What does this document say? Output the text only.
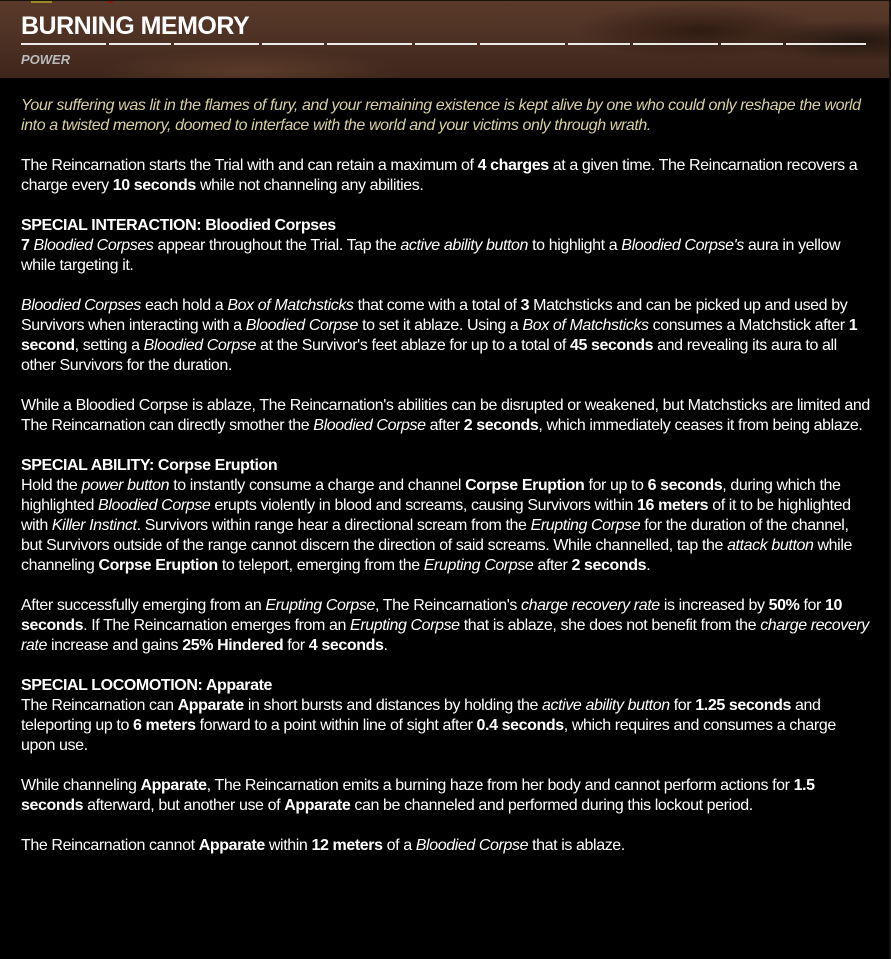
BURNING MEMORY
POWER

Your suffering was lit in the flames of fury, and your remaining existence is kept alive by one who could only reshape the world into a twisted memory, doomed to interface with the world and your victims only through wrath.

The Reincarnation starts the Trial with and can retain a maximum of 4 charges at a given time. The Reincarnation recovers a charge every 10 seconds while not channeling any abilities.

SPECIAL INTERACTION: Bloodied Corpses
7 Bloodied Corpses appear throughout the Trial. Tap the active ability button to highlight a Bloodied Corpse's aura in yellow while targeting it.

Bloodied Corpses each hold a Box of Matchsticks that come with a total of 3 Matchsticks and can be picked up and used by Survivors when interacting with a Bloodied Corpse to set it ablaze. Using a Box of Matchsticks consumes a Matchstick after 1 second, setting a Bloodied Corpse at the Survivor's feet ablaze for up to a total of 45 seconds and revealing its aura to all other Survivors for the duration.

While a Bloodied Corpse is ablaze, The Reincarnation's abilities can be disrupted or weakened, but Matchsticks are limited and The Reincarnation can directly smother the Bloodied Corpse after 2 seconds, which immediately ceases it from being ablaze.

SPECIAL ABILITY: Corpse Eruption
Hold the power button to instantly consume a charge and channel Corpse Eruption for up to 6 seconds, during which the highlighted Bloodied Corpse erupts violently in blood and screams, causing Survivors within 16 meters of it to be highlighted with Killer Instinct. Survivors within range hear a directional scream from the Erupting Corpse for the duration of the channel, but Survivors outside of the range cannot discern the direction of said screams. While channelled, tap the attack button while channeling Corpse Eruption to teleport, emerging from the Erupting Corpse after 2 seconds.

After successfully emerging from an Erupting Corpse, The Reincarnation's charge recovery rate is increased by 50% for 10 seconds. If The Reincarnation emerges from an Erupting Corpse that is ablaze, she does not benefit from the charge recovery rate increase and gains 25% Hindered for 4 seconds.

SPECIAL LOCOMOTION: Apparate
The Reincarnation can Apparate in short bursts and distances by holding the active ability button for 1.25 seconds and teleporting up to 6 meters forward to a point within line of sight after 0.4 seconds, which requires and consumes a charge upon use.

While channeling Apparate, The Reincarnation emits a burning haze from her body and cannot perform actions for 1.5 seconds afterward, but another use of Apparate can be channeled and performed during this lockout period.

The Reincarnation cannot Apparate within 12 meters of a Bloodied Corpse that is ablaze.
